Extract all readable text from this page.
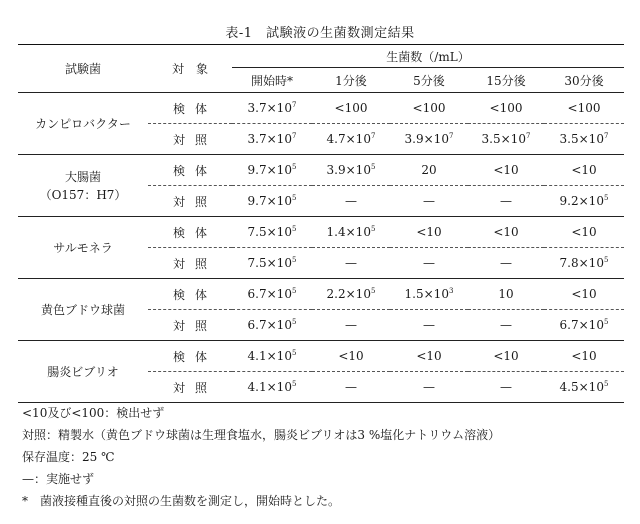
表-1　試験液の生菌数測定結果

試験菌	対　象	生菌数（/mL）				
		開始時*	1分後	5分後	15分後	30分後

カンピロバクター	検体	$3.7\times 10^7$	<100	<100	<100	<100
	対照	$3.7\times 10^7$	$4.7\times 10^7$	$3.9\times 10^7$	$3.5\times 10^7$	$3.5\times 10^7$

大腸菌
（O157：H7）	検体	$9.7\times 10^5$	$3.9\times 10^5$	20	<10	<10
	対照	$9.7\times 10^5$	—	—	—	$9.2\times 10^5$

サルモネラ	検体	$7.5\times 10^5$	$1.4\times 10^5$	<10	<10	<10
	対照	$7.5\times 10^5$	—	—	—	$7.8\times 10^5$

黄色ブドウ球菌	検体	$6.7\times 10^5$	$2.2\times 10^5$	$1.5\times 10^3$	10	<10
	対照	$6.7\times 10^5$	—	—	—	$6.7\times 10^5$

腸炎ビブリオ	検体	$4.1\times 10^5$	<10	<10	<10	<10
	対照	$4.1\times 10^5$	—	—	—	$4.5\times 10^5$
<10及び<100：検出せず
対照：精製水（黄色ブドウ球菌は生理食塩水，腸炎ビブリオは3 %塩化ナトリウム溶液）
保存温度：25 ℃
—：実施せず
*　菌液接種直後の対照の生菌数を測定し，開始時とした。
